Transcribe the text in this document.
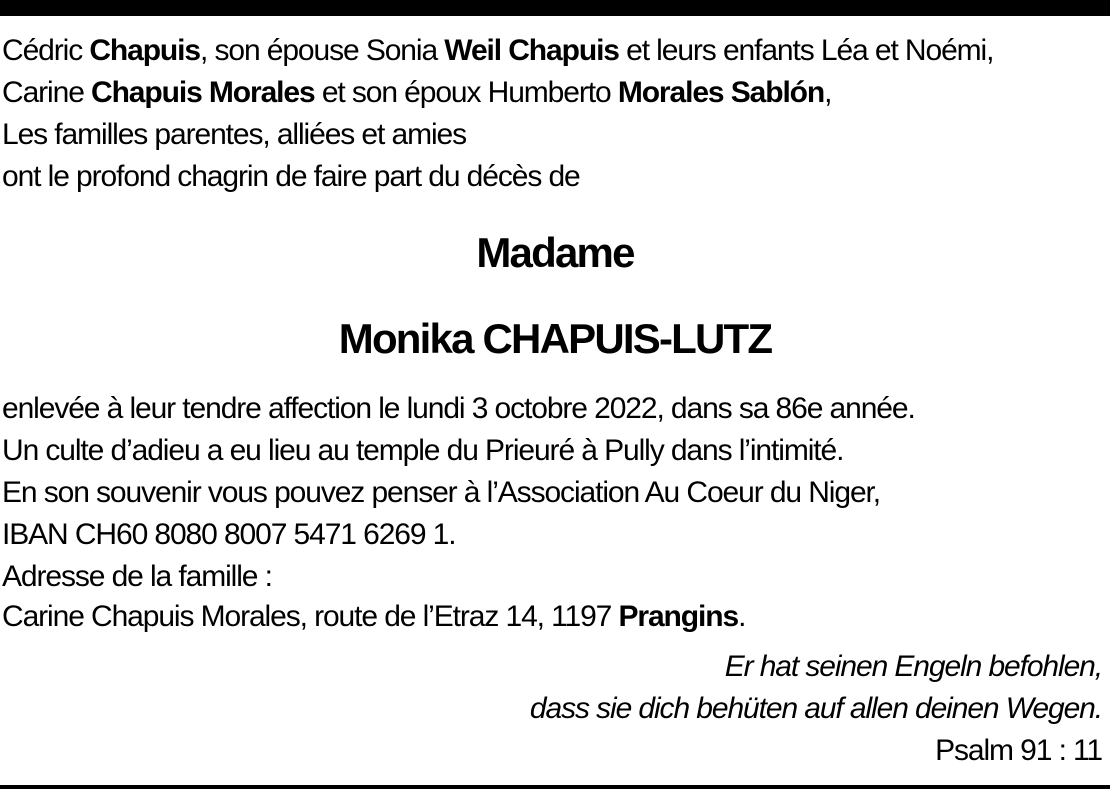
Cédric Chapuis, son épouse Sonia Weil Chapuis et leurs enfants Léa et Noémi,
Carine Chapuis Morales et son époux Humberto Morales Sablón,
Les familles parentes, alliées et amies
ont le profond chagrin de faire part du décès de
Madame
Monika CHAPUIS-LUTZ
enlevée à leur tendre affection le lundi 3 octobre 2022, dans sa 86e année.
Un culte d’adieu a eu lieu au temple du Prieuré à Pully dans l’intimité.
En son souvenir vous pouvez penser à l’Association Au Coeur du Niger,
IBAN CH60 8080 8007 5471 6269 1.
Adresse de la famille :
Carine Chapuis Morales, route de l’Etraz 14, 1197 Prangins.
Er hat seinen Engeln befohlen,
dass sie dich behüten auf allen deinen Wegen.
Psalm 91 : 11
